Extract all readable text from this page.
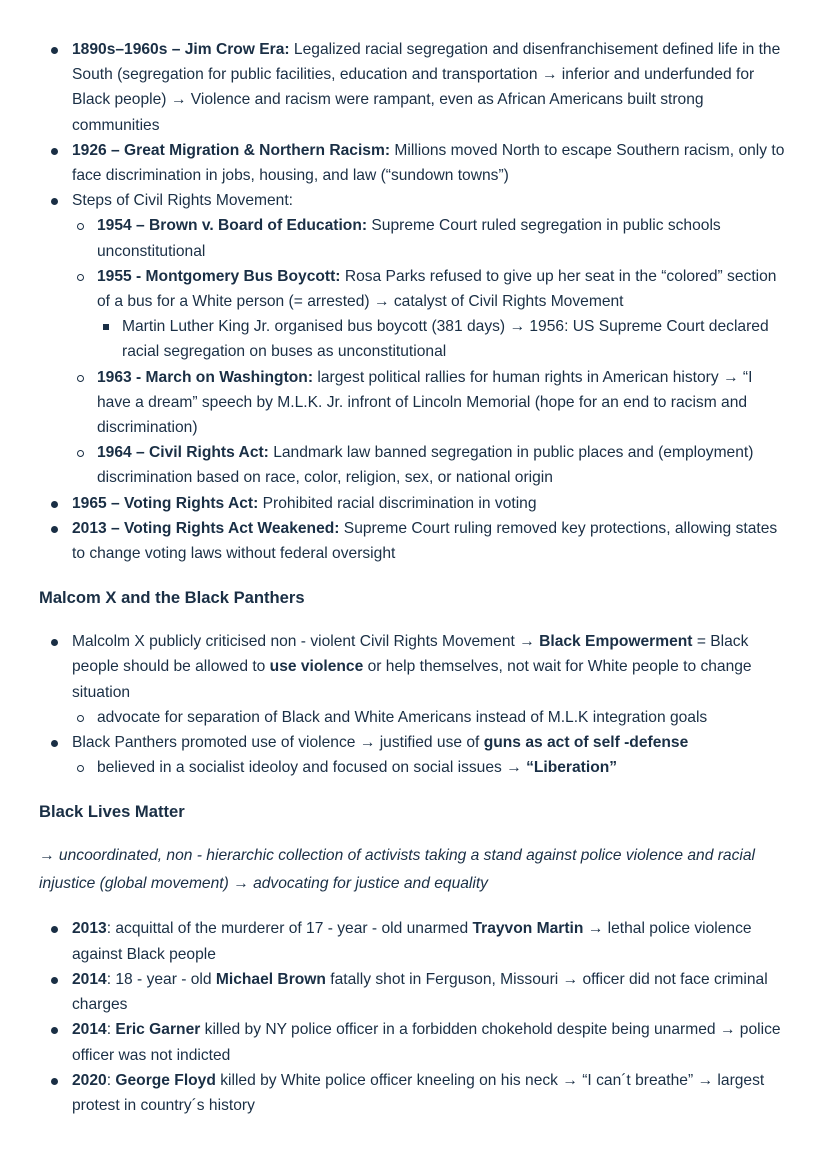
1890s–1960s – Jim Crow Era: Legalized racial segregation and disenfranchisement defined life in the South (segregation for public facilities, education and transportation → inferior and underfunded for Black people) → Violence and racism were rampant, even as African Americans built strong communities
1926 – Great Migration & Northern Racism: Millions moved North to escape Southern racism, only to face discrimination in jobs, housing, and law (“sundown towns”)
Steps of Civil Rights Movement:
1954 – Brown v. Board of Education: Supreme Court ruled segregation in public schools unconstitutional
1955 - Montgomery Bus Boycott: Rosa Parks refused to give up her seat in the “colored” section of a bus for a White person (= arrested) → catalyst of Civil Rights Movement
Martin Luther King Jr. organised bus boycott (381 days) → 1956: US Supreme Court declared racial segregation on buses as unconstitutional
1963 - March on Washington: largest political rallies for human rights in American history → “I have a dream” speech by M.L.K. Jr. infront of Lincoln Memorial (hope for an end to racism and discrimination)
1964 – Civil Rights Act: Landmark law banned segregation in public places and (employment) discrimination based on race, color, religion, sex, or national origin
1965 – Voting Rights Act: Prohibited racial discrimination in voting
2013 – Voting Rights Act Weakened: Supreme Court ruling removed key protections, allowing states to change voting laws without federal oversight
Malcom X and the Black Panthers
Malcolm X publicly criticised non - violent Civil Rights Movement → Black Empowerment = Black people should be allowed to use violence or help themselves, not wait for White people to change situation
advocate for separation of Black and White Americans instead of M.L.K integration goals
Black Panthers promoted use of violence → justified use of guns as act of self -defense
believed in a socialist ideoloy and focused on social issues → “Liberation”
Black Lives Matter

→ uncoordinated, non - hierarchic collection of activists taking a stand against police violence and racial injustice (global movement) → advocating for justice and equality

2013: acquittal of the murderer of 17 - year - old unarmed Trayvon Martin → lethal police violence against Black people
2014: 18 - year - old Michael Brown fatally shot in Ferguson, Missouri → officer did not face criminal charges
2014: Eric Garner killed by NY police officer in a forbidden chokehold despite being unarmed → police officer was not indicted
2020: George Floyd killed by White police officer kneeling on his neck → “I can´t breathe” → largest protest in country´s history
